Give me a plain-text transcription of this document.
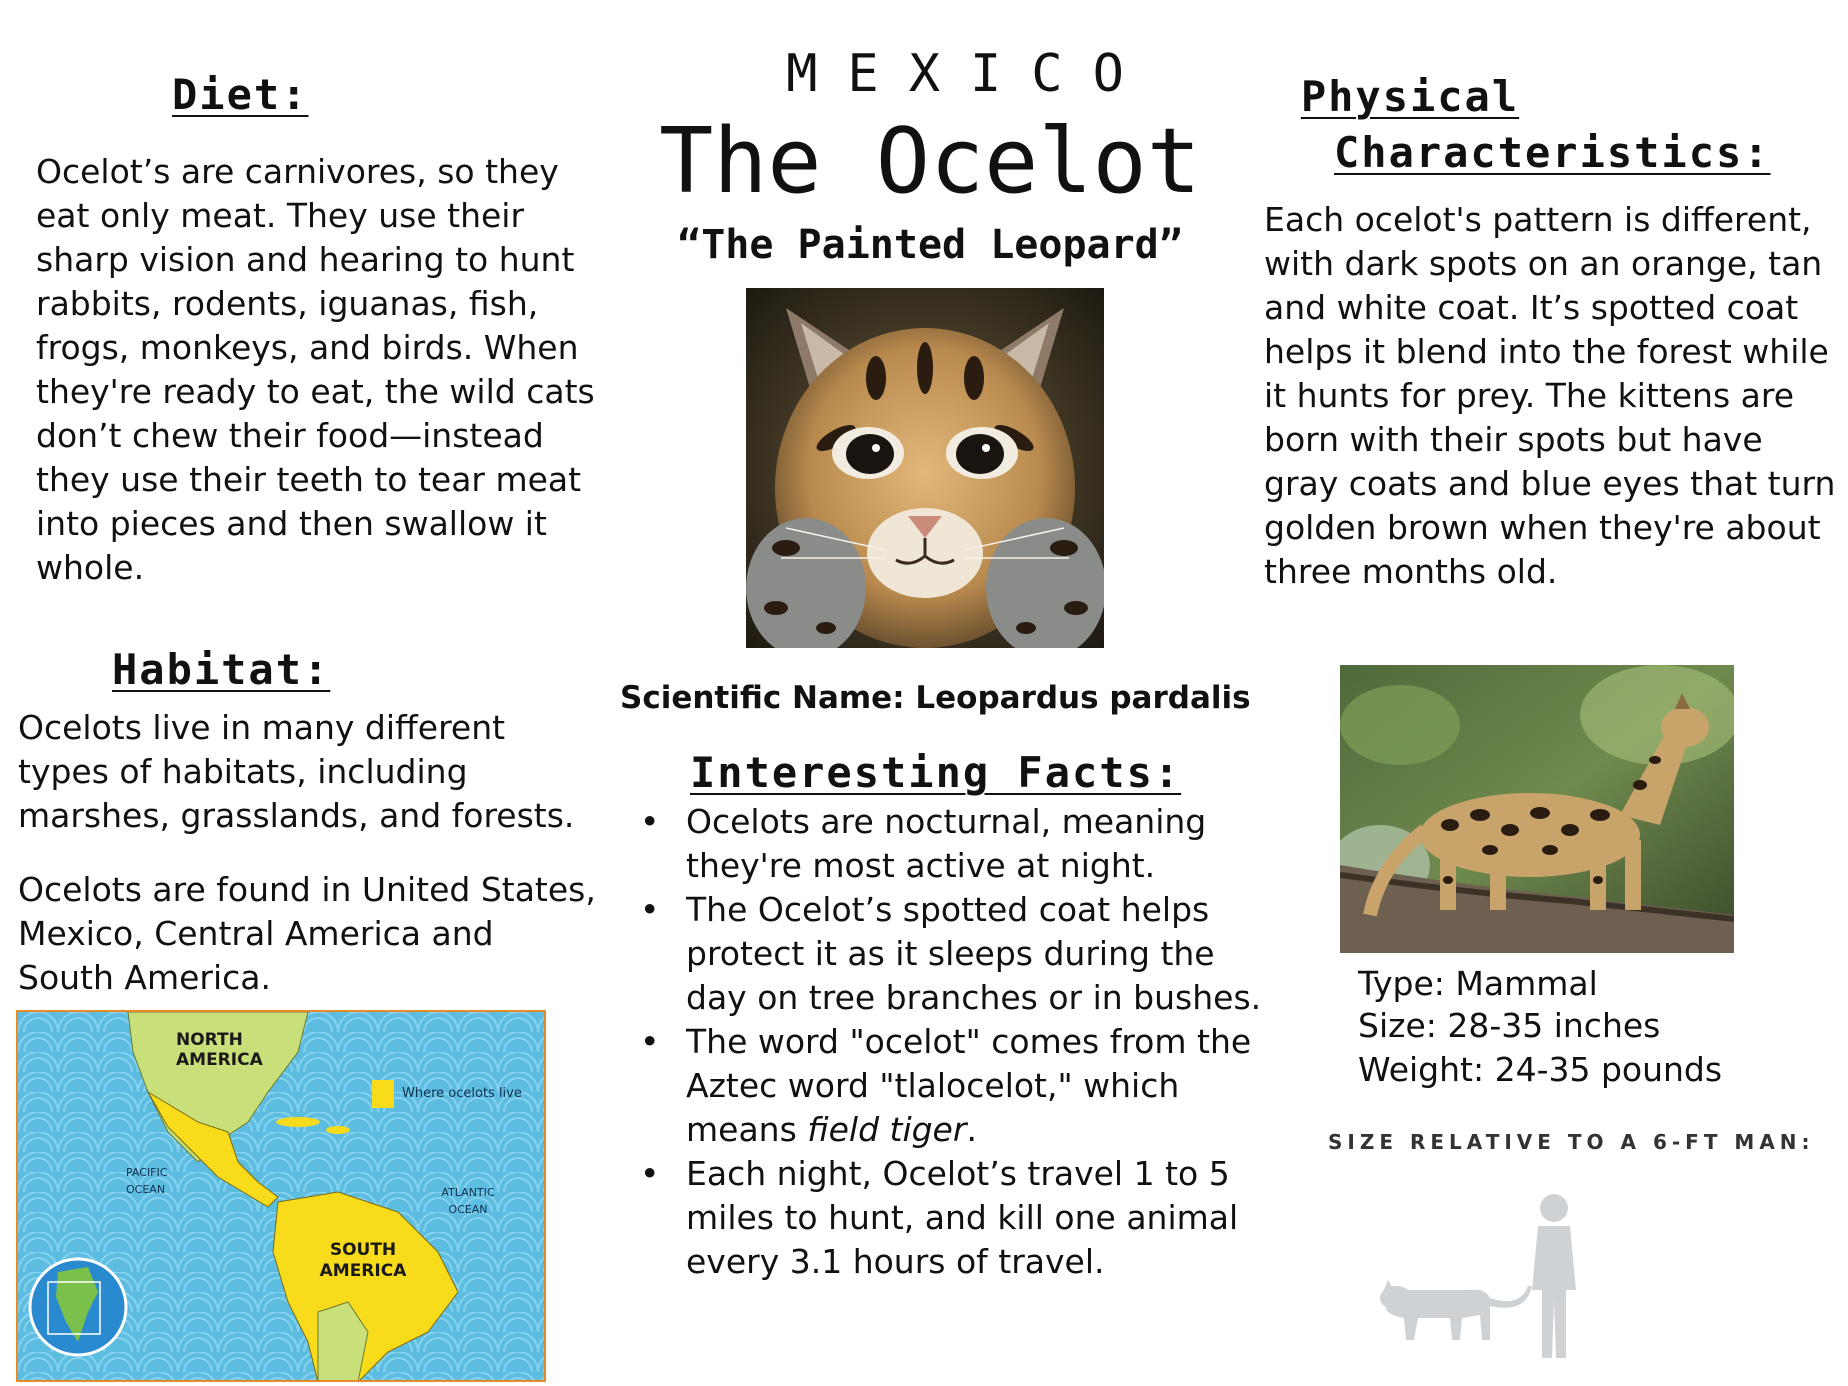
MEXICO
The Ocelot
“The Painted Leopard”
Diet:

Ocelot’s are carnivores, so they eat only meat. They use their sharp vision and hearing to hunt rabbits, rodents, iguanas, fish, frogs, monkeys, and birds. When they're ready to eat, the wild cats don’t chew their food—instead they use their teeth to tear meat into pieces and then swallow it whole.

Habitat:

Ocelots live in many different types of habitats, including marshes, grasslands, and forests.

Ocelots are found in United States, Mexico, Central America and South America.

Where ocelots live
NORTH AMERICA
SOUTH AMERICA
PACIFIC OCEAN	ATLANTIC OCEAN
Scientific Name: Leopardus pardalis
Interesting Facts:
• Ocelots are nocturnal, meaning they're most active at night.
• The Ocelot’s spotted coat helps protect it as it sleeps during the day on tree branches or in bushes.
• The word "ocelot" comes from the Aztec word "tlalocelot," which means field tiger.
• Each night, Ocelot’s travel 1 to 5 miles to hunt, and kill one animal every 3.1 hours of travel.
Physical
Characteristics:

Each ocelot's pattern is different, with dark spots on an orange, tan and white coat. It’s spotted coat helps it blend into the forest while it hunts for prey. The kittens are born with their spots but have gray coats and blue eyes that turn golden brown when they're about three months old.

Type: Mammal
Size: 28-35 inches
Weight: 24-35 pounds
SIZE RELATIVE TO A 6-FT MAN:
